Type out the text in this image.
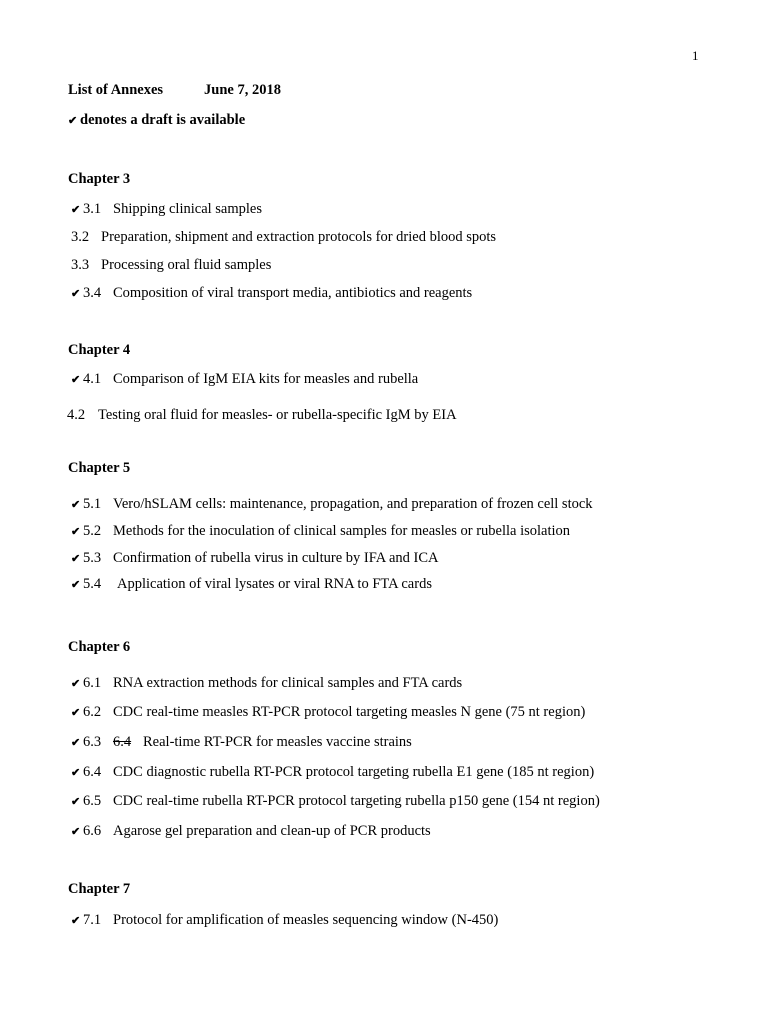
1
List of Annexes	June 7, 2018
✔ denotes a draft is available
Chapter 3
✔ 3.1 Shipping clinical samples
3.2 Preparation, shipment and extraction protocols for dried blood spots
3.3 Processing oral fluid samples
✔ 3.4 Composition of viral transport media, antibiotics and reagents
Chapter 4
✔ 4.1 Comparison of IgM EIA kits for measles and rubella
4.2 Testing oral fluid for measles- or rubella-specific IgM by EIA
Chapter 5
✔ 5.1 Vero/hSLAM cells: maintenance, propagation, and preparation of frozen cell stock
✔ 5.2 Methods for the inoculation of clinical samples for measles or rubella isolation
✔ 5.3 Confirmation of rubella virus in culture by IFA and ICA
✔ 5.4 Application of viral lysates or viral RNA to FTA cards
Chapter 6
✔ 6.1 RNA extraction methods for clinical samples and FTA cards
✔ 6.2 CDC real-time measles RT-PCR protocol targeting measles N gene (75 nt region)
✔ 6.3 6.4 Real-time RT-PCR for measles vaccine strains
✔ 6.4 CDC diagnostic rubella RT-PCR protocol targeting rubella E1 gene (185 nt region)
✔ 6.5 CDC real-time rubella RT-PCR protocol targeting rubella p150 gene (154 nt region)
✔ 6.6 Agarose gel preparation and clean-up of PCR products
Chapter 7
✔ 7.1 Protocol for amplification of measles sequencing window (N-450)
